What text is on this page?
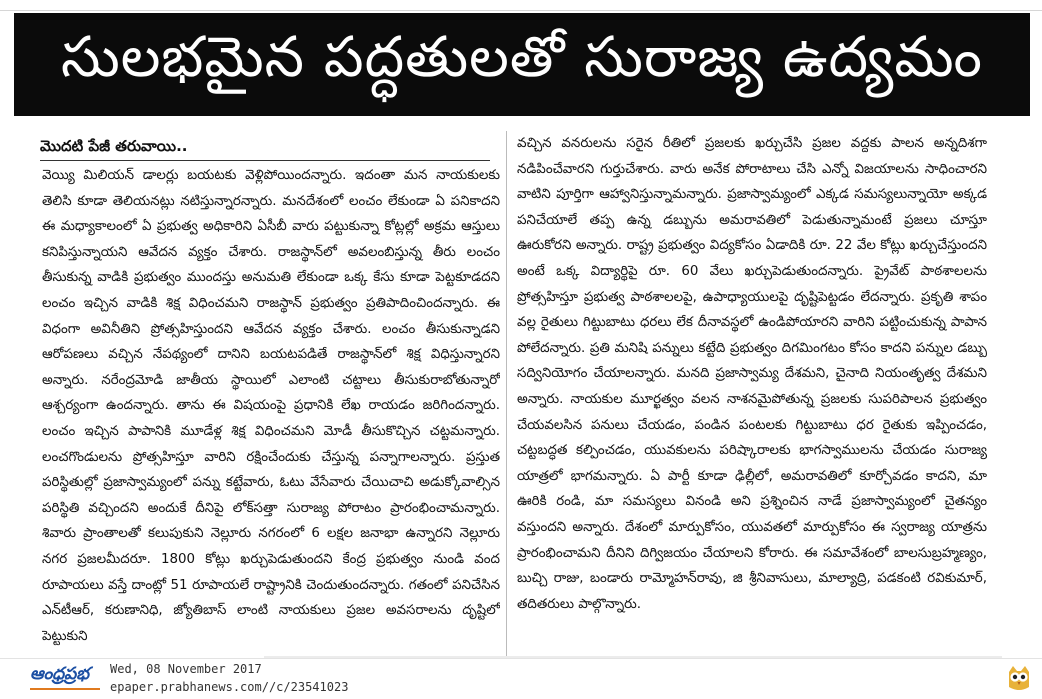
సులభమైన పద్ధతులతో సురాజ్య ఉద్యమం
మొదటి పేజీ తరువాయి..

వెయ్యి మిలియన్ డాలర్లు బయటకు వెళ్లిపోయిందన్నారు. ఇదంతా మన నాయకులకు తెలిసి కూడా తెలియనట్లు నటిస్తున్నారన్నారు. మనదేశంలో లంచం లేకుండా ఏ పనికాదని ఈ మధ్యాకాలంలో ఏ ప్రభుత్వ అధికారిని ఏసీబీ వారు పట్టుకున్నా కోట్లల్లో అక్రమ ఆస్తులు కనిపిస్తున్నాయని ఆవేదన వ్యక్తం చేశారు. రాజస్థాన్‌లో అవలంబిస్తున్న తీరు లంచం తీసుకున్న వాడికి ప్రభుత్వం ముందస్తు అనుమతి లేకుండా ఒక్క కేసు కూడా పెట్టకూడదని లంచం ఇచ్చిన వాడికి శిక్ష విధించమని రాజస్థాన్ ప్రభుత్వం ప్రతిపాదించిందన్నారు. ఈ విధంగా అవినీతిని ప్రోత్సహిస్తుందని ఆవేదన వ్యక్తం చేశారు. లంచం తీసుకున్నాడని ఆరోపణలు వచ్చిన నేపథ్యంలో దానిని బయటపడితే రాజస్థాన్‌లో శిక్ష విధిస్తున్నారని అన్నారు. నరేంద్రమోడి జాతీయ స్థాయిలో ఎలాంటి చట్టాలు తీసుకురాబోతున్నారో ఆశ్చర్యంగా ఉందన్నారు. తాను ఈ విషయంపై ప్రధానికి లేఖ రాయడం జరిగిందన్నారు. లంచం ఇచ్చిన పాపానికి మూడేళ్ల శిక్ష విధించమని మోడీ తీసుకొచ్చిన చట్టమన్నారు. లంచగొండులను ప్రోత్సహిస్తూ వారిని రక్షించేందుకు చేస్తున్న పన్నాగాలన్నారు. ప్రస్తుత పరిస్థితుల్లో ప్రజాస్వామ్యంలో పన్ను కట్టేవారు, ఓటు వేసేవారు చేయిచాచి అడుక్కోవాల్సిన పరిస్థితి వచ్చిందని అందుకే దీనిపై లోక్‌సత్తా సురాజ్య పోరాటం ప్రారంభించామన్నారు. శివారు ప్రాంతాలతో కలుపుకుని నెల్లూరు నగరంలో 6 లక్షల జనాభా ఉన్నారని నెల్లూరు నగర ప్రజలమీదరూ. 1800 కోట్లు ఖర్చుపెడుతుందని కేంద్ర ప్రభుత్వం నుండి వంద రూపాయలు వస్తే దాంట్లో 51 రూపాయలే రాష్ట్రానికి చెందుతుందన్నారు. గతంలో పనిచేసిన ఎన్‌టీఆర్, కరుణానిధి, జ్యోతిబాస్ లాంటి నాయకులు ప్రజల అవసరాలను దృష్టిలో పెట్టుకుని

వచ్చిన వనరులను సరైన రీతిలో ప్రజలకు ఖర్చుచేసి ప్రజల వద్దకు పాలన అన్నదిశగా నడిపించేవారని గుర్తుచేశారు. వారు అనేక పోరాటాలు చేసి ఎన్నో విజయాలను సాధించారని వాటిని పూర్తిగా ఆహ్వానిస్తున్నామన్నారు. ప్రజాస్వామ్యంలో ఎక్కడ సమస్యలున్నాయో అక్కడ పనిచేయాలే తప్ప ఉన్న డబ్బును అమరావతిలో పెడుతున్నామంటే ప్రజలు చూస్తూ ఊరుకోరని అన్నారు. రాష్ట్ర ప్రభుత్వం విద్యకోసం ఏడాదికి రూ. 22 వేల కోట్లు ఖర్చుచేస్తుందని అంటే ఒక్క విద్యార్థిపై రూ. 60 వేలు ఖర్చుపెడుతుందన్నారు. ప్రైవేట్ పాఠశాలలను ప్రోత్సహిస్తూ ప్రభుత్వ పాఠశాలలపై, ఉపాధ్యాయులపై దృష్టిపెట్టడం లేదన్నారు. ప్రకృతి శాపం వల్ల రైతులు గిట్టుబాటు ధరలు లేక దీనావస్థలో ఉండిపోయారని వారిని పట్టించుకున్న పాపాన పోలేదన్నారు. ప్రతి మనిషి పన్నులు కట్టేది ప్రభుత్వం దిగమింగటం కోసం కాదని పన్నుల డబ్బు సద్వినియోగం చేయాలన్నారు. మనది ప్రజాస్వామ్య దేశమని, చైనాది నియంతృత్వ దేశమని అన్నారు. నాయకుల మూర్ఖత్వం వలన నాశనమైపోతున్న ప్రజలకు సుపరిపాలన ప్రభుత్వం చేయవలసిన పనులు చేయడం, పండిన పంటలకు గిట్టుబాటు ధర రైతుకు ఇప్పించడం, చట్టబద్ధత కల్పించడం, యువకులను పరిష్కారాలకు భాగస్వాములను చేయడం సురాజ్య యాత్రలో భాగమన్నారు. ఏ పార్టీ కూడా ఢిల్లీలో, అమరావతిలో కూర్చోవడం కాదని, మా ఊరికి రండి, మా సమస్యలు వినండి అని ప్రశ్నించిన నాడే ప్రజాస్వామ్యంలో చైతన్యం వస్తుందని అన్నారు. దేశంలో మార్పుకోసం, యువతలో మార్పుకోసం ఈ స్వరాజ్య యాత్రను ప్రారంభించామని దీనిని దిగ్విజయం చేయాలని కోరారు. ఈ సమావేశంలో బాలసుబ్రహ్మణ్యం, బుచ్చి రాజు, బండారు రామ్మోహన్‌రావు, జి శ్రీనివాసులు, మాల్యాద్రి, పడకంటి రవికుమార్, తదితరులు పాల్గొన్నారు.

ఆంధ్రప్రభ	Wed, 08 November 2017
epaper.prabhanews.com//c/23541023
